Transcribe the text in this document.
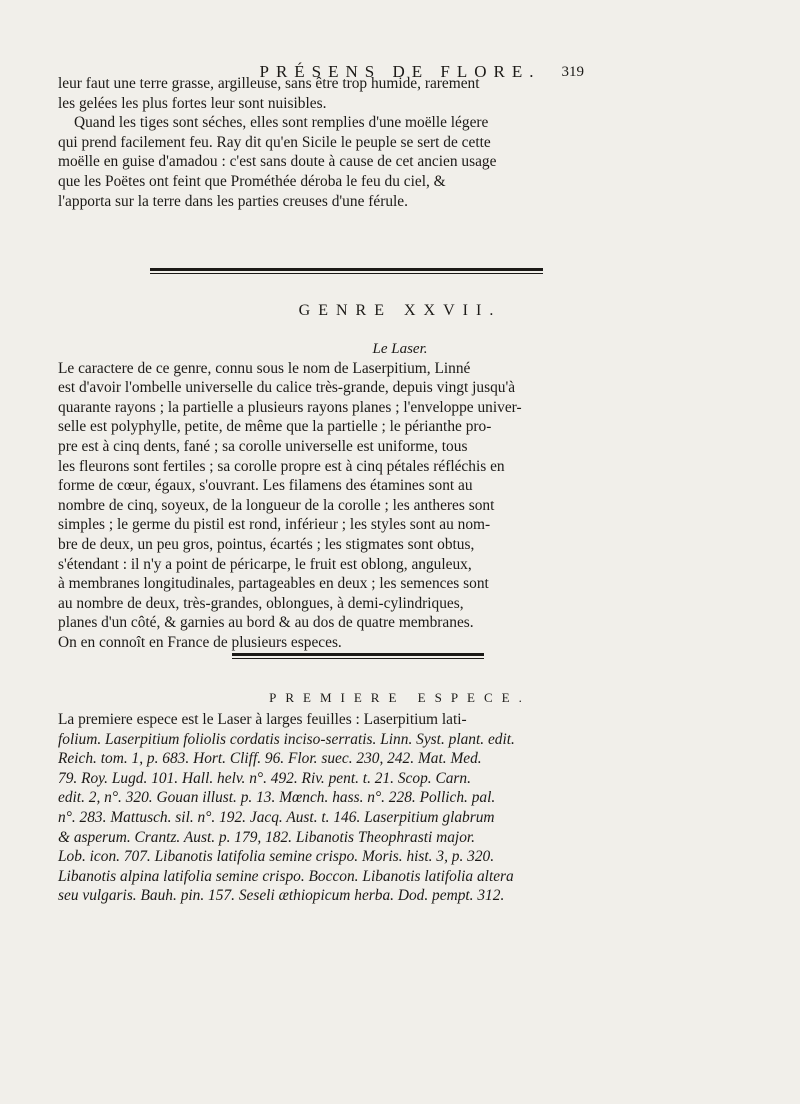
PRÉSENS DE FLORE.	319
leur faut une terre grasse, argilleuse, sans être trop humide, rarement
les gelées les plus fortes leur sont nuisibles.
Quand les tiges sont séches, elles sont remplies d'une moëlle légere
qui prend facilement feu. Ray dit qu'en Sicile le peuple se sert de cette
moëlle en guise d'amadou : c'est sans doute à cause de cet ancien usage
que les Poëtes ont feint que Prométhée déroba le feu du ciel, &
l'apporta sur la terre dans les parties creuses d'une férule.
GENRE XXVII.
Le Laser.
Le caractere de ce genre, connu sous le nom de Laserpitium, Linné
est d'avoir l'ombelle universelle du calice très-grande, depuis vingt jusqu'à
quarante rayons ; la partielle a plusieurs rayons planes ; l'enveloppe univer-
selle est polyphylle, petite, de même que la partielle ; le périanthe pro-
pre est à cinq dents, fané ; sa corolle universelle est uniforme, tous
les fleurons sont fertiles ; sa corolle propre est à cinq pétales réfléchis en
forme de cœur, égaux, s'ouvrant. Les filamens des étamines sont au
nombre de cinq, soyeux, de la longueur de la corolle ; les antheres sont
simples ; le germe du pistil est rond, inférieur ; les styles sont au nom-
bre de deux, un peu gros, pointus, écartés ; les stigmates sont obtus,
s'étendant : il n'y a point de péricarpe, le fruit est oblong, anguleux,
à membranes longitudinales, partageables en deux ; les semences sont
au nombre de deux, très-grandes, oblongues, à demi-cylindriques,
planes d'un côté, & garnies au bord & au dos de quatre membranes.
On en connoît en France de plusieurs especes.
PREMIERE ESPECE.
La premiere espece est le Laser à larges feuilles : Laserpitium lati-
folium. Laserpitium foliolis cordatis inciso-serratis. Linn. Syst. plant. edit.
Reich. tom. 1, p. 683. Hort. Cliff. 96. Flor. suec. 230, 242. Mat. Med.
79. Roy. Lugd. 101. Hall. helv. n°. 492. Riv. pent. t. 21. Scop. Carn.
edit. 2, n°. 320. Gouan illust. p. 13. Mœnch. hass. n°. 228. Pollich. pal.
n°. 283. Mattusch. sil. n°. 192. Jacq. Aust. t. 146. Laserpitium glabrum
& asperum. Crantz. Aust. p. 179, 182. Libanotis Theophrasti major.
Lob. icon. 707. Libanotis latifolia semine crispo. Moris. hist. 3, p. 320.
Libanotis alpina latifolia semine crispo. Boccon. Libanotis latifolia altera
seu vulgaris. Bauh. pin. 157. Seseli æthiopicum herba. Dod. pempt. 312.
